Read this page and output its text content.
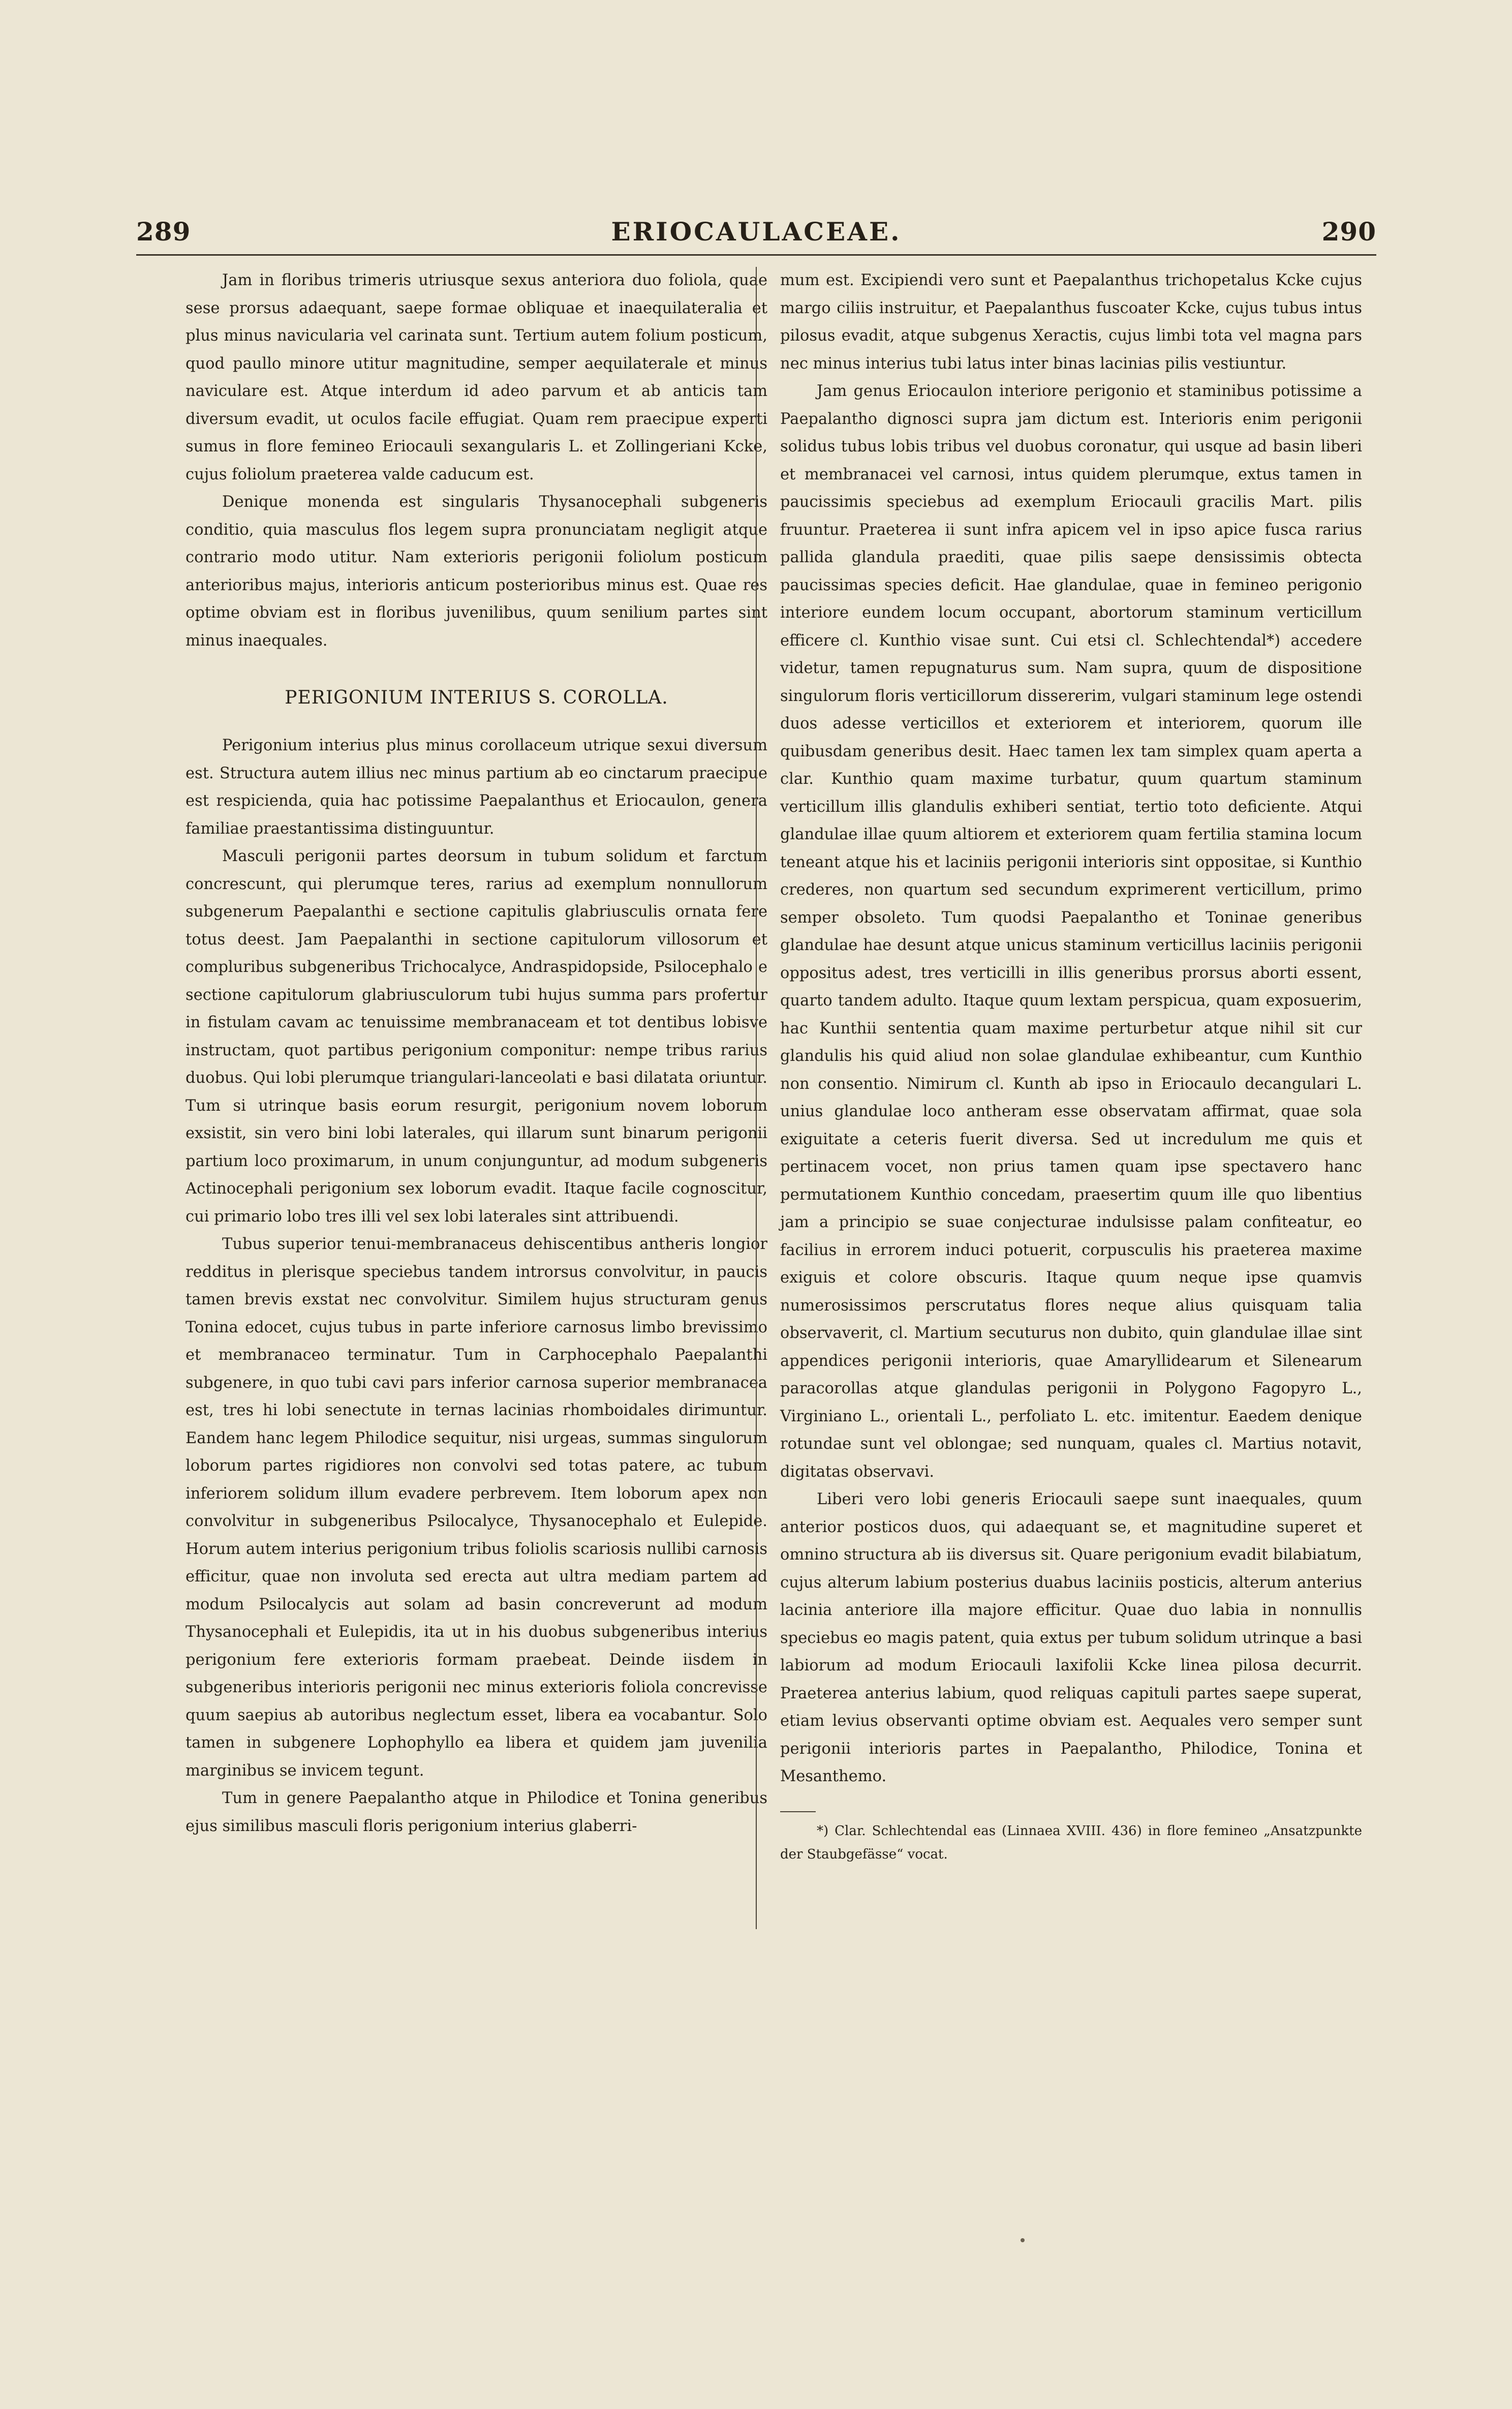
289	ERIOCAULACEAE.	290

Jam in floribus trimeris utriusque sexus anteriora duo foliola, quae sese prorsus adaequant, saepe formae obliquae et inaequilateralia et plus minus navicularia vel carinata sunt. Tertium autem folium posticum, quod paullo minore utitur magnitudine, semper aequilaterale et minus naviculare est. Atque interdum id adeo parvum et ab anticis tam diversum evadit, ut oculos facile effugiat. Quam rem praecipue experti sumus in flore femineo Eriocauli sexangularis L. et Zollingeriani Kcke, cujus foliolum praeterea valde caducum est.

Denique monenda est singularis Thysanocephali subgeneris conditio, quia masculus flos legem supra pronunciatam negligit atque contrario modo utitur. Nam exterioris perigonii foliolum posticum anterioribus majus, interioris anticum posterioribus minus est. Quae res optime obviam est in floribus juvenilibus, quum senilium partes sint minus inaequales.

PERIGONIUM INTERIUS S. COROLLA.

Perigonium interius plus minus corollaceum utrique sexui diversum est. Structura autem illius nec minus partium ab eo cinctarum praecipue est respicienda, quia hac potissime Paepalanthus et Eriocaulon, genera familiae praestantissima distinguuntur.

Masculi perigonii partes deorsum in tubum solidum et farctum concrescunt, qui plerumque teres, rarius ad exemplum nonnullorum subgenerum Paepalanthi e sectione capitulis glabriusculis ornata fere totus deest. Jam Paepalanthi in sectione capitulorum villosorum et compluribus subgeneribus Trichocalyce, Andraspidopside, Psilocephalo e sectione capitulorum glabriusculorum tubi hujus summa pars profertur in fistulam cavam ac tenuissime membranaceam et tot dentibus lobisve instructam, quot partibus perigonium componitur: nempe tribus rarius duobus. Qui lobi plerumque triangulari-lanceolati e basi dilatata oriuntur. Tum si utrinque basis eorum resurgit, perigonium novem loborum exsistit, sin vero bini lobi laterales, qui illarum sunt binarum perigonii partium loco proximarum, in unum conjunguntur, ad modum subgeneris Actinocephali perigonium sex loborum evadit. Itaque facile cognoscitur, cui primario lobo tres illi vel sex lobi laterales sint attribuendi.

Tubus superior tenui-membranaceus dehiscentibus antheris longior redditus in plerisque speciebus tandem introrsus convolvitur, in paucis tamen brevis exstat nec convolvitur. Similem hujus structuram genus Tonina edocet, cujus tubus in parte inferiore carnosus limbo brevissimo et membranaceo terminatur. Tum in Carphocephalo Paepalanthi subgenere, in quo tubi cavi pars inferior carnosa superior membranacea est, tres hi lobi senectute in ternas lacinias rhomboidales dirimuntur. Eandem hanc legem Philodice sequitur, nisi urgeas, summas singulorum loborum partes rigidiores non convolvi sed totas patere, ac tubum inferiorem solidum illum evadere perbrevem. Item loborum apex non convolvitur in subgeneribus Psilocalyce, Thysanocephalo et Eulepide. Horum autem interius perigonium tribus foliolis scariosis nullibi carnosis efficitur, quae non involuta sed erecta aut ultra mediam partem ad modum Psilocalycis aut solam ad basin concreverunt ad modum Thysanocephali et Eulepidis, ita ut in his duobus subgeneribus interius perigonium fere exterioris formam praebeat. Deinde iisdem in subgeneribus interioris perigonii nec minus exterioris foliola concrevisse quum saepius ab autoribus neglectum esset, libera ea vocabantur. Solo tamen in subgenere Lophophyllo ea libera et quidem jam juvenilia marginibus se invicem tegunt.

Tum in genere Paepalantho atque in Philodice et Tonina generibus ejus similibus masculi floris perigonium interius glaberri-

mum est. Excipiendi vero sunt et Paepalanthus trichopetalus Kcke cujus margo ciliis instruitur, et Paepalanthus fuscoater Kcke, cujus tubus intus pilosus evadit, atque subgenus Xeractis, cujus limbi tota vel magna pars nec minus interius tubi latus inter binas lacinias pilis vestiuntur.

Jam genus Eriocaulon interiore perigonio et staminibus potissime a Paepalantho dignosci supra jam dictum est. Interioris enim perigonii solidus tubus lobis tribus vel duobus coronatur, qui usque ad basin liberi et membranacei vel carnosi, intus quidem plerumque, extus tamen in paucissimis speciebus ad exemplum Eriocauli gracilis Mart. pilis fruuntur. Praeterea ii sunt infra apicem vel in ipso apice fusca rarius pallida glandula praediti, quae pilis saepe densissimis obtecta paucissimas species deficit. Hae glandulae, quae in femineo perigonio interiore eundem locum occupant, abortorum staminum verticillum efficere cl. Kunthio visae sunt. Cui etsi cl. Schlechtendal*) accedere videtur, tamen repugnaturus sum. Nam supra, quum de dispositione singulorum floris verticillorum dissererim, vulgari staminum lege ostendi duos adesse verticillos et exteriorem et interiorem, quorum ille quibusdam generibus desit. Haec tamen lex tam simplex quam aperta a clar. Kunthio quam maxime turbatur, quum quartum staminum verticillum illis glandulis exhiberi sentiat, tertio toto deficiente. Atqui glandulae illae quum altiorem et exteriorem quam fertilia stamina locum teneant atque his et laciniis perigonii interioris sint oppositae, si Kunthio crederes, non quartum sed secundum exprimerent verticillum, primo semper obsoleto. Tum quodsi Paepalantho et Toninae generibus glandulae hae desunt atque unicus staminum verticillus laciniis perigonii oppositus adest, tres verticilli in illis generibus prorsus aborti essent, quarto tandem adulto. Itaque quum lextam perspicua, quam exposuerim, hac Kunthii sententia quam maxime perturbetur atque nihil sit cur glandulis his quid aliud non solae glandulae exhibeantur, cum Kunthio non consentio. Nimirum cl. Kunth ab ipso in Eriocaulo decangulari L. unius glandulae loco antheram esse observatam affirmat, quae sola exiguitate a ceteris fuerit diversa. Sed ut incredulum me quis et pertinacem vocet, non prius tamen quam ipse spectavero hanc permutationem Kunthio concedam, praesertim quum ille quo libentius jam a principio se suae conjecturae indulsisse palam confiteatur, eo facilius in errorem induci potuerit, corpusculis his praeterea maxime exiguis et colore obscuris. Itaque quum neque ipse quamvis numerosissimos perscrutatus flores neque alius quisquam talia observaverit, cl. Martium secuturus non dubito, quin glandulae illae sint appendices perigonii interioris, quae Amaryllidearum et Silenearum paracorollas atque glandulas perigonii in Polygono Fagopyro L., Virginiano L., orientali L., perfoliato L. etc. imitentur. Eaedem denique rotundae sunt vel oblongae; sed nunquam, quales cl. Martius notavit, digitatas observavi.

Liberi vero lobi generis Eriocauli saepe sunt inaequales, quum anterior posticos duos, qui adaequant se, et magnitudine superet et omnino structura ab iis diversus sit. Quare perigonium evadit bilabiatum, cujus alterum labium posterius duabus laciniis posticis, alterum anterius lacinia anteriore illa majore efficitur. Quae duo labia in nonnullis speciebus eo magis patent, quia extus per tubum solidum utrinque a basi labiorum ad modum Eriocauli laxifolii Kcke linea pilosa decurrit. Praeterea anterius labium, quod reliquas capituli partes saepe superat, etiam levius observanti optime obviam est. Aequales vero semper sunt perigonii interioris partes in Paepalantho, Philodice, Tonina et Mesanthemo.

*) Clar. Schlechtendal eas (Linnaea XVIII. 436) in flore femineo „Ansatzpunkte der Staubgefässe“ vocat.
